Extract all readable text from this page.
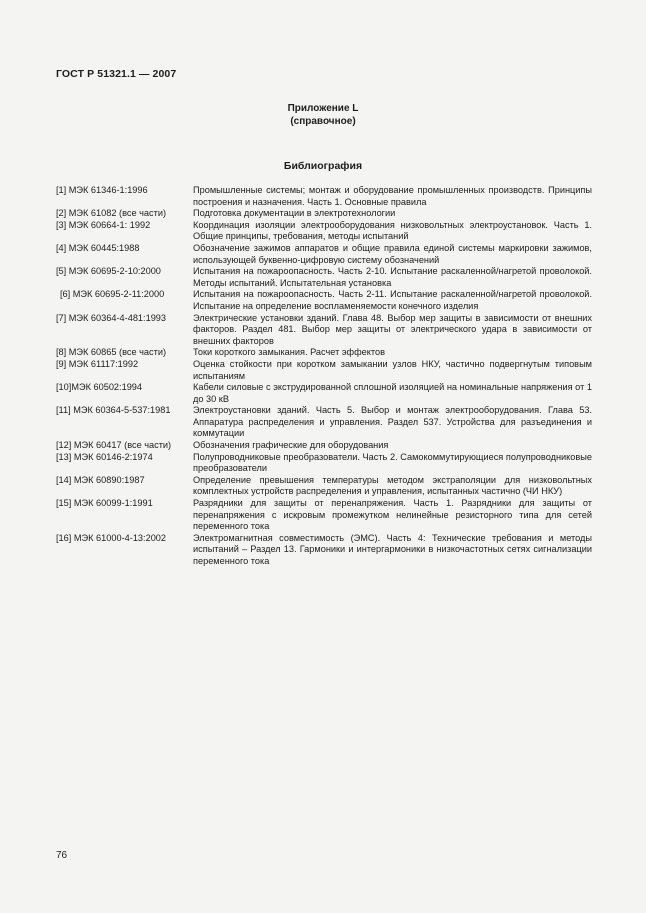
ГОСТ Р 51321.1 — 2007
Приложение L
(справочное)
Библиография
[1] МЭК 61346-1:1996	Промышленные системы; монтаж и оборудование промышленных производств. Принципы построения и назначения. Часть 1. Основные правила
[2] МЭК 61082 (все части)	Подготовка документации в электротехнологии
[3] МЭК 60664-1: 1992	Координация изоляции электрооборудования низковольтных электроустановок. Часть 1. Общие принципы, требования, методы испытаний
[4] МЭК 60445:1988	Обозначение зажимов аппаратов и общие правила единой системы маркировки зажимов, использующей буквенно-цифровую систему обозначений
[5] МЭК 60695-2-10:2000	Испытания на пожароопасность. Часть 2-10. Испытание раскаленной/нагретой проволокой. Методы испытаний. Испытательная установка
[6] МЭК 60695-2-11:2000	Испытания на пожароопасность. Часть 2-11. Испытание раскаленной/нагретой проволокой. Испытание на определение воспламеняемости конечного изделия
[7] МЭК 60364-4-481:1993	Электрические установки зданий. Глава 48. Выбор мер защиты в зависимости от внешних факторов. Раздел 481. Выбор мер защиты от электрического удара в зависимости от внешних факторов
[8] МЭК 60865 (все части)	Токи короткого замыкания. Расчет эффектов
[9] МЭК 61117:1992	Оценка стойкости при коротком замыкании узлов НКУ, частично подвергнутым типовым испытаниям
[10]МЭК 60502:1994	Кабели силовые с экструдированной сплошной изоляцией на номинальные напряжения от 1 до 30 кВ
[11] МЭК 60364-5-537:1981	Электроустановки зданий. Часть 5. Выбор и монтаж электрооборудования. Глава 53. Аппаратура распределения и управления. Раздел 537. Устройства для разъединения и коммутации
[12] МЭК 60417 (все части)	Обозначения графические для оборудования
[13] МЭК 60146-2:1974	Полупроводниковые преобразователи. Часть 2. Самокоммутирующиеся полупроводниковые преобразователи
[14] МЭК 60890:1987	Определение превышения температуры методом экстраполяции для низковольтных комплектных устройств распределения и управления, испытанных частично (ЧИ НКУ)
[15] МЭК 60099-1:1991	Разрядники для защиты от перенапряжения. Часть 1. Разрядники для защиты от перенапряжения с искровым промежутком нелинейные резисторного типа для сетей переменного тока
[16] МЭК 61000-4-13:2002	Электромагнитная совместимость (ЭМС). Часть 4: Технические требования и методы испытаний – Раздел 13. Гармоники и интергармоники в низкочастотных сетях сигнализации переменного тока
76
